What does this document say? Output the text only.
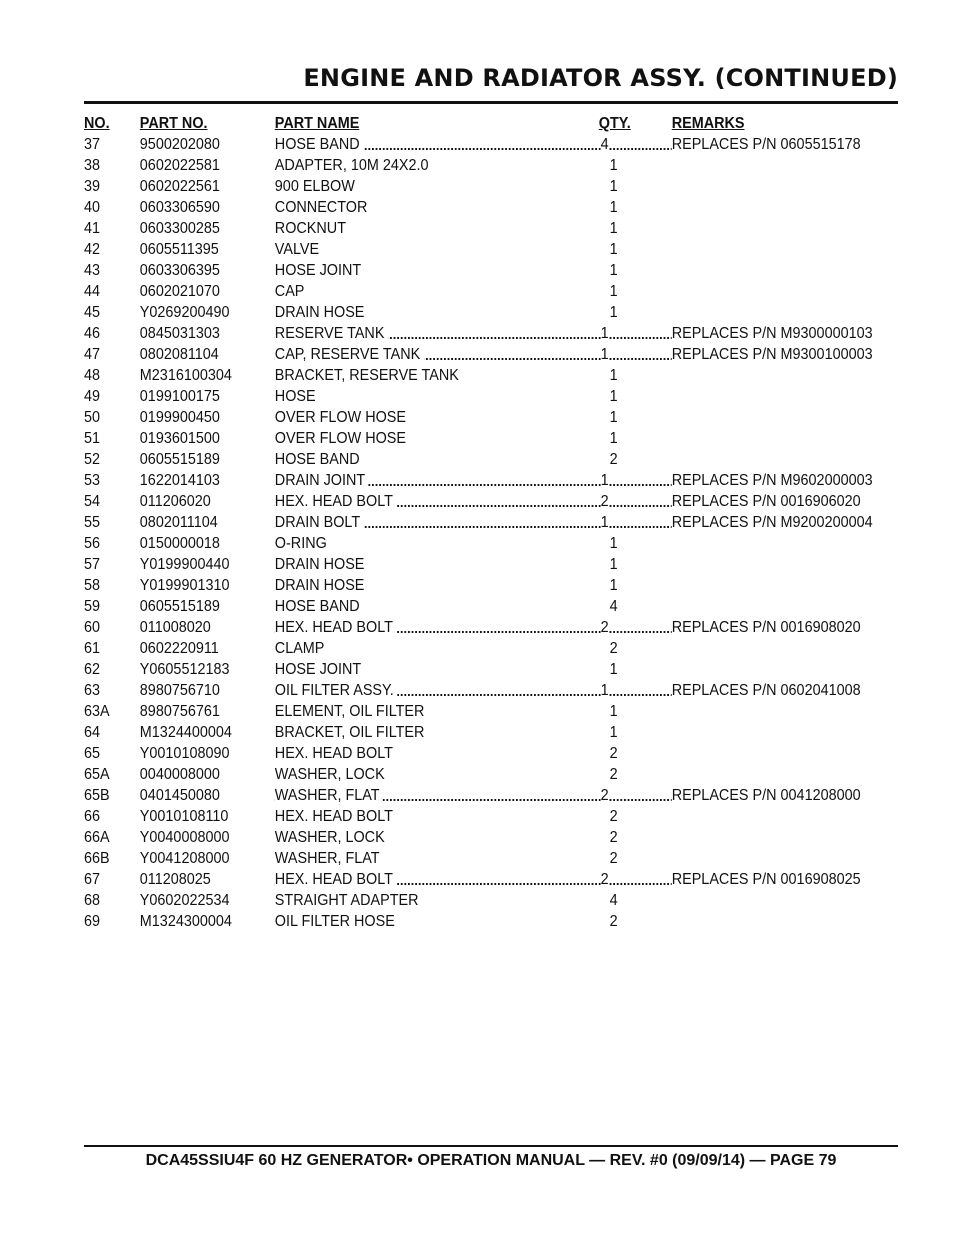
ENGINE AND RADIATOR ASSY. (CONTINUED)
NO. PART NO.	PART NAME	QTY.	REMARKS
37 9500202080	HOSE BAND	4	REPLACES P/N 0605515178
38 0602022581	ADAPTER, 10M 24X2.0	1
39 0602022561	900 ELBOW	1
40 0603306590	CONNECTOR	1
41 0603300285	ROCKNUT	1
42 0605511395	VALVE	1
43 0603306395	HOSE JOINT	1
44 0602021070	CAP	1
45 Y0269200490	DRAIN HOSE	1
46 0845031303	RESERVE TANK	1	REPLACES P/N M9300000103
47 0802081104	CAP, RESERVE TANK	1	REPLACES P/N M9300100003
48 M2316100304	BRACKET, RESERVE TANK	1
49 0199100175	HOSE	1
50 0199900450	OVER FLOW HOSE	1
51 0193601500	OVER FLOW HOSE	1
52 0605515189	HOSE BAND	2
53 1622014103	DRAIN JOINT	1	REPLACES P/N M9602000003
54 011206020	HEX. HEAD BOLT	2	REPLACES P/N 0016906020
55 0802011104	DRAIN BOLT	1	REPLACES P/N M9200200004
56 0150000018	O-RING	1
57 Y0199900440	DRAIN HOSE	1
58 Y0199901310	DRAIN HOSE	1
59 0605515189	HOSE BAND	4
60 011008020	HEX. HEAD BOLT	2	REPLACES P/N 0016908020
61 0602220911	CLAMP	2
62 Y0605512183	HOSE JOINT	1
63 8980756710	OIL FILTER ASSY.	1	REPLACES P/N 0602041008
63A 8980756761	ELEMENT, OIL FILTER	1
64 M1324400004	BRACKET, OIL FILTER	1
65 Y0010108090	HEX. HEAD BOLT	2
65A 0040008000	WASHER, LOCK	2
65B 0401450080	WASHER, FLAT	2	REPLACES P/N 0041208000
66 Y0010108110	HEX. HEAD BOLT	2
66A Y0040008000	WASHER, LOCK	2
66B Y0041208000	WASHER, FLAT	2
67 011208025	HEX. HEAD BOLT	2	REPLACES P/N 0016908025
68 Y0602022534	STRAIGHT ADAPTER	4
69 M1324300004	OIL FILTER HOSE	2
DCA45SSIU4F 60 HZ GENERATOR• OPERATION MANUAL — REV. #0 (09/09/14) — PAGE 79
